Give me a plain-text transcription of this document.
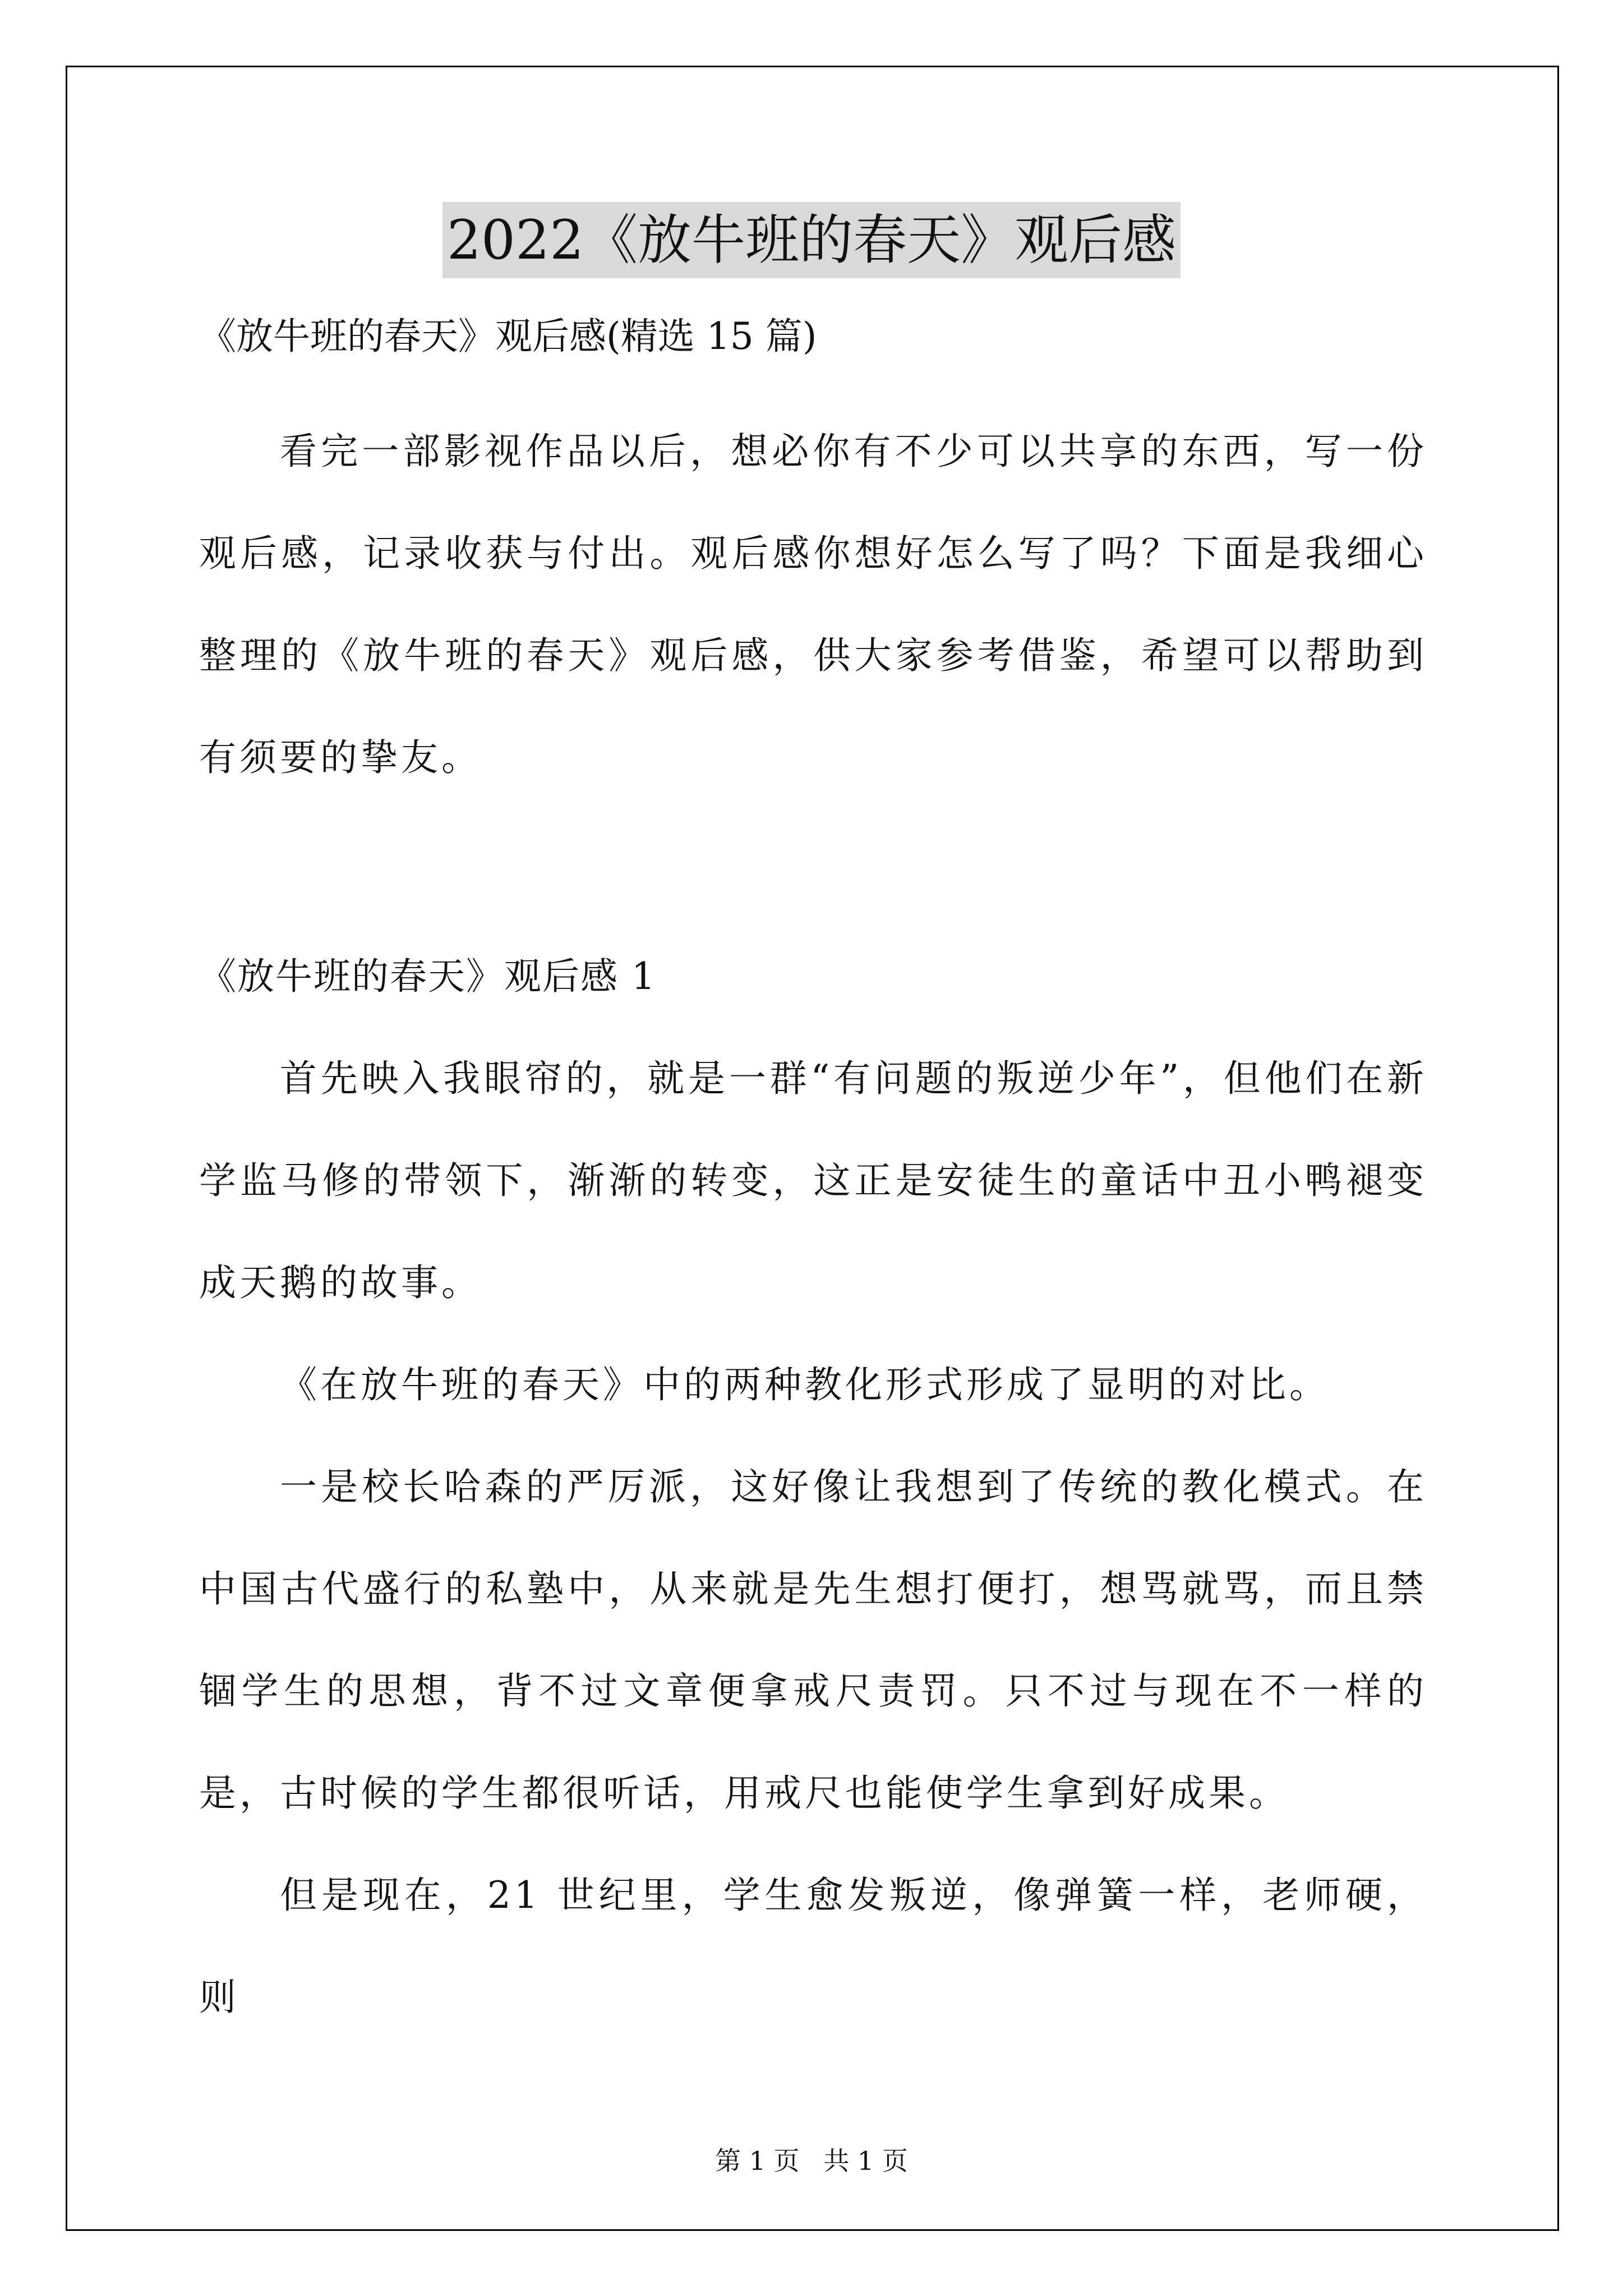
2022《放牛班的春天》观后感
《放牛班的春天》观后感(精选 15 篇)

看完一部影视作品以后，想必你有不少可以共享的东西，写一份观后感，记录收获与付出。观后感你想好怎么写了吗？下面是我细心整理的《放牛班的春天》观后感，供大家参考借鉴，希望可以帮助到有须要的挚友。

《放牛班的春天》观后感 1

首先映入我眼帘的，就是一群“有问题的叛逆少年”，但他们在新学监马修的带领下，渐渐的转变，这正是安徒生的童话中丑小鸭褪变成天鹅的故事。

《在放牛班的春天》中的两种教化形式形成了显明的对比。

一是校长哈森的严厉派，这好像让我想到了传统的教化模式。在中国古代盛行的私塾中，从来就是先生想打便打，想骂就骂，而且禁锢学生的思想，背不过文章便拿戒尺责罚。只不过与现在不一样的是，古时候的学生都很听话，用戒尺也能使学生拿到好成果。

但是现在，21 世纪里，学生愈发叛逆，像弹簧一样，老师硬，则

第 1 页 共 1 页
